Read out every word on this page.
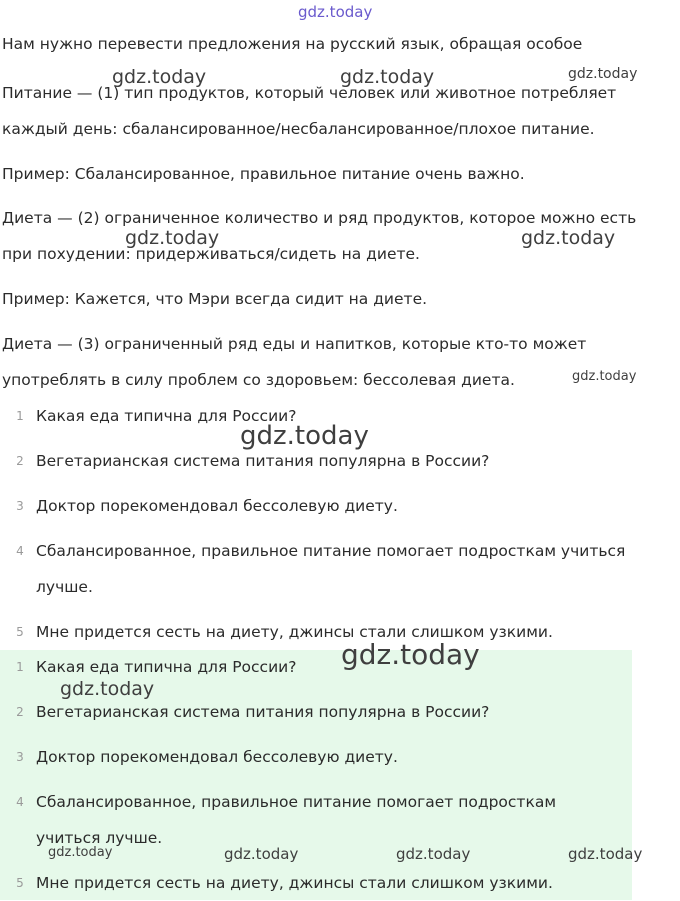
Нам нужно перевести предложения на русский язык, обращая особое
Питание — (1) тип продуктов, который человек или животное потребляет каждый день: сбалансированное/несбалансированное/плохое питание.
Пример: Сбалансированное, правильное питание очень важно.
Диета — (2) ограниченное количество и ряд продуктов, которое можно есть при похудении: придерживаться/сидеть на диете.
Пример: Кажется, что Мэри всегда сидит на диете.
Диета — (3) ограниченный ряд еды и напитков, которые кто-то может употреблять в силу проблем со здоровьем: бессолевая диета.
1 Какая еда типична для России?
2 Вегетарианская система питания популярна в России?
3 Доктор порекомендовал бессолевую диету.
4 Сбалансированное, правильное питание помогает подросткам учиться лучше.
5 Мне придется сесть на диету, джинсы стали слишком узкими.
1 Какая еда типична для России?
2 Вегетарианская система питания популярна в России?
3 Доктор порекомендовал бессолевую диету.
4 Сбалансированное, правильное питание помогает подросткам учиться лучше.
5 Мне придется сесть на диету, джинсы стали слишком узкими.
gdz.today
gdz.today	gdz.today	gdz.today
gdz.today	gdz.today
gdz.today
gdz.today
gdz.today
gdz.today
gdz.today	gdz.today	gdz.today	gdz.today
